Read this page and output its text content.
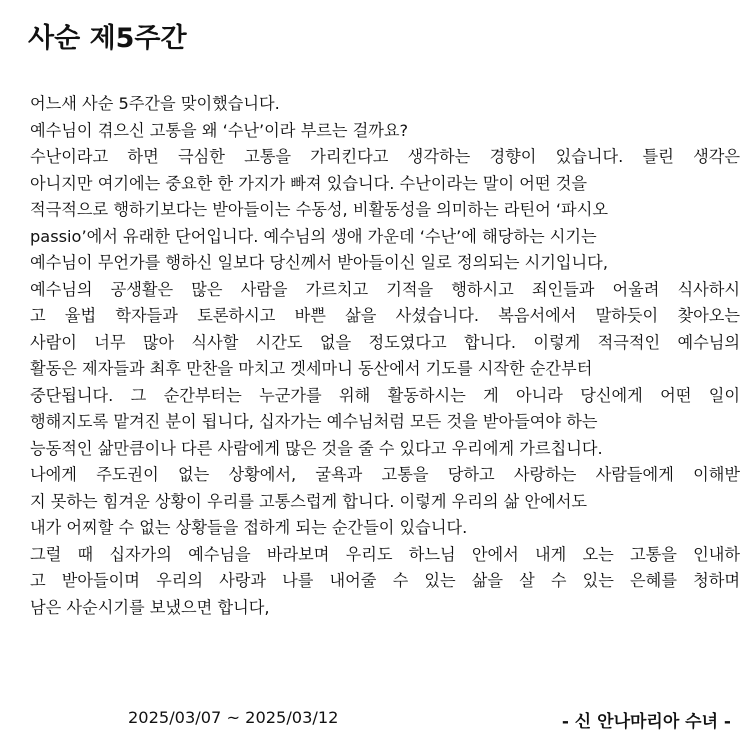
사순 제5주간
어느새 사순 5주간을 맞이했습니다.
예수님이 겪으신 고통을 왜 ‘수난’이라 부르는 걸까요?
수난이라고 하면 극심한 고통을 가리킨다고 생각하는 경향이 있습니다. 틀린 생각은
아니지만 여기에는 중요한 한 가지가 빠져 있습니다. 수난이라는 말이 어떤 것을
적극적으로 행하기보다는 받아들이는 수동성, 비활동성을 의미하는 라틴어 ‘파시오
passio’에서 유래한 단어입니다. 예수님의 생애 가운데 ‘수난’에 해당하는 시기는
예수님이 무언가를 행하신 일보다 당신께서 받아들이신 일로 정의되는 시기입니다,
예수님의 공생활은 많은 사람을 가르치고 기적을 행하시고 죄인들과 어울려 식사하시
고 율법 학자들과 토론하시고 바쁜 삶을 사셨습니다. 복음서에서 말하듯이 찾아오는
사람이 너무 많아 식사할 시간도 없을 정도였다고 합니다. 이렇게 적극적인 예수님의
활동은 제자들과 최후 만찬을 마치고 겟세마니 동산에서 기도를 시작한 순간부터
중단됩니다. 그 순간부터는 누군가를 위해 활동하시는 게 아니라 당신에게 어떤 일이
행해지도록 맡겨진 분이 됩니다, 십자가는 예수님처럼 모든 것을 받아들여야 하는
능동적인 삶만큼이나 다른 사람에게 많은 것을 줄 수 있다고 우리에게 가르칩니다.
나에게 주도권이 없는 상황에서, 굴욕과 고통을 당하고 사랑하는 사람들에게 이해받
지 못하는 힘겨운 상황이 우리를 고통스럽게 합니다. 이렇게 우리의 삶 안에서도
내가 어찌할 수 없는 상황들을 접하게 되는 순간들이 있습니다.
그럴 때 십자가의 예수님을 바라보며 우리도 하느님 안에서 내게 오는 고통을 인내하
고 받아들이며 우리의 사랑과 나를 내어줄 수 있는 삶을 살 수 있는 은혜를 청하며
남은 사순시기를 보냈으면 합니다,
2025/03/07 ~ 2025/03/12	- 신 안나마리아 수녀 -
